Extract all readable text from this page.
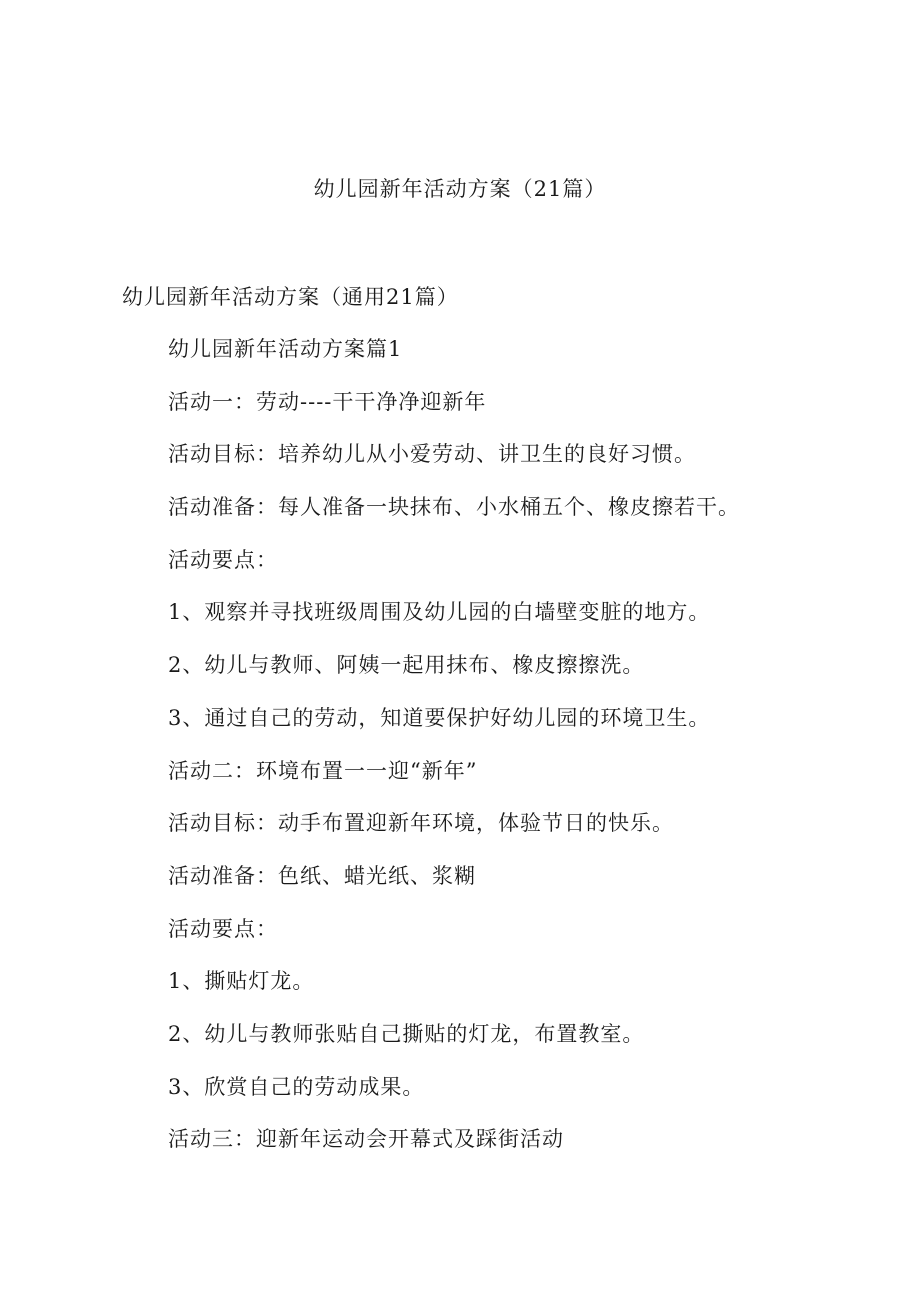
幼儿园新年活动方案（21篇）

幼儿园新年活动方案（通用21篇）

幼儿园新年活动方案篇1
活动一：劳动----干干净净迎新年
活动目标：培养幼儿从小爱劳动、讲卫生的良好习惯。
活动准备：每人准备一块抹布、小水桶五个、橡皮擦若干。
活动要点：
1、观察并寻找班级周围及幼儿园的白墙壁变脏的地方。
2、幼儿与教师、阿姨一起用抹布、橡皮擦擦洗。
3、通过自己的劳动，知道要保护好幼儿园的环境卫生。
活动二：环境布置一一迎“新年”
活动目标：动手布置迎新年环境，体验节日的快乐。
活动准备：色纸、蜡光纸、浆糊
活动要点：
1、撕贴灯龙。
2、幼儿与教师张贴自己撕贴的灯龙，布置教室。
3、欣赏自己的劳动成果。
活动三：迎新年运动会开幕式及踩街活动
